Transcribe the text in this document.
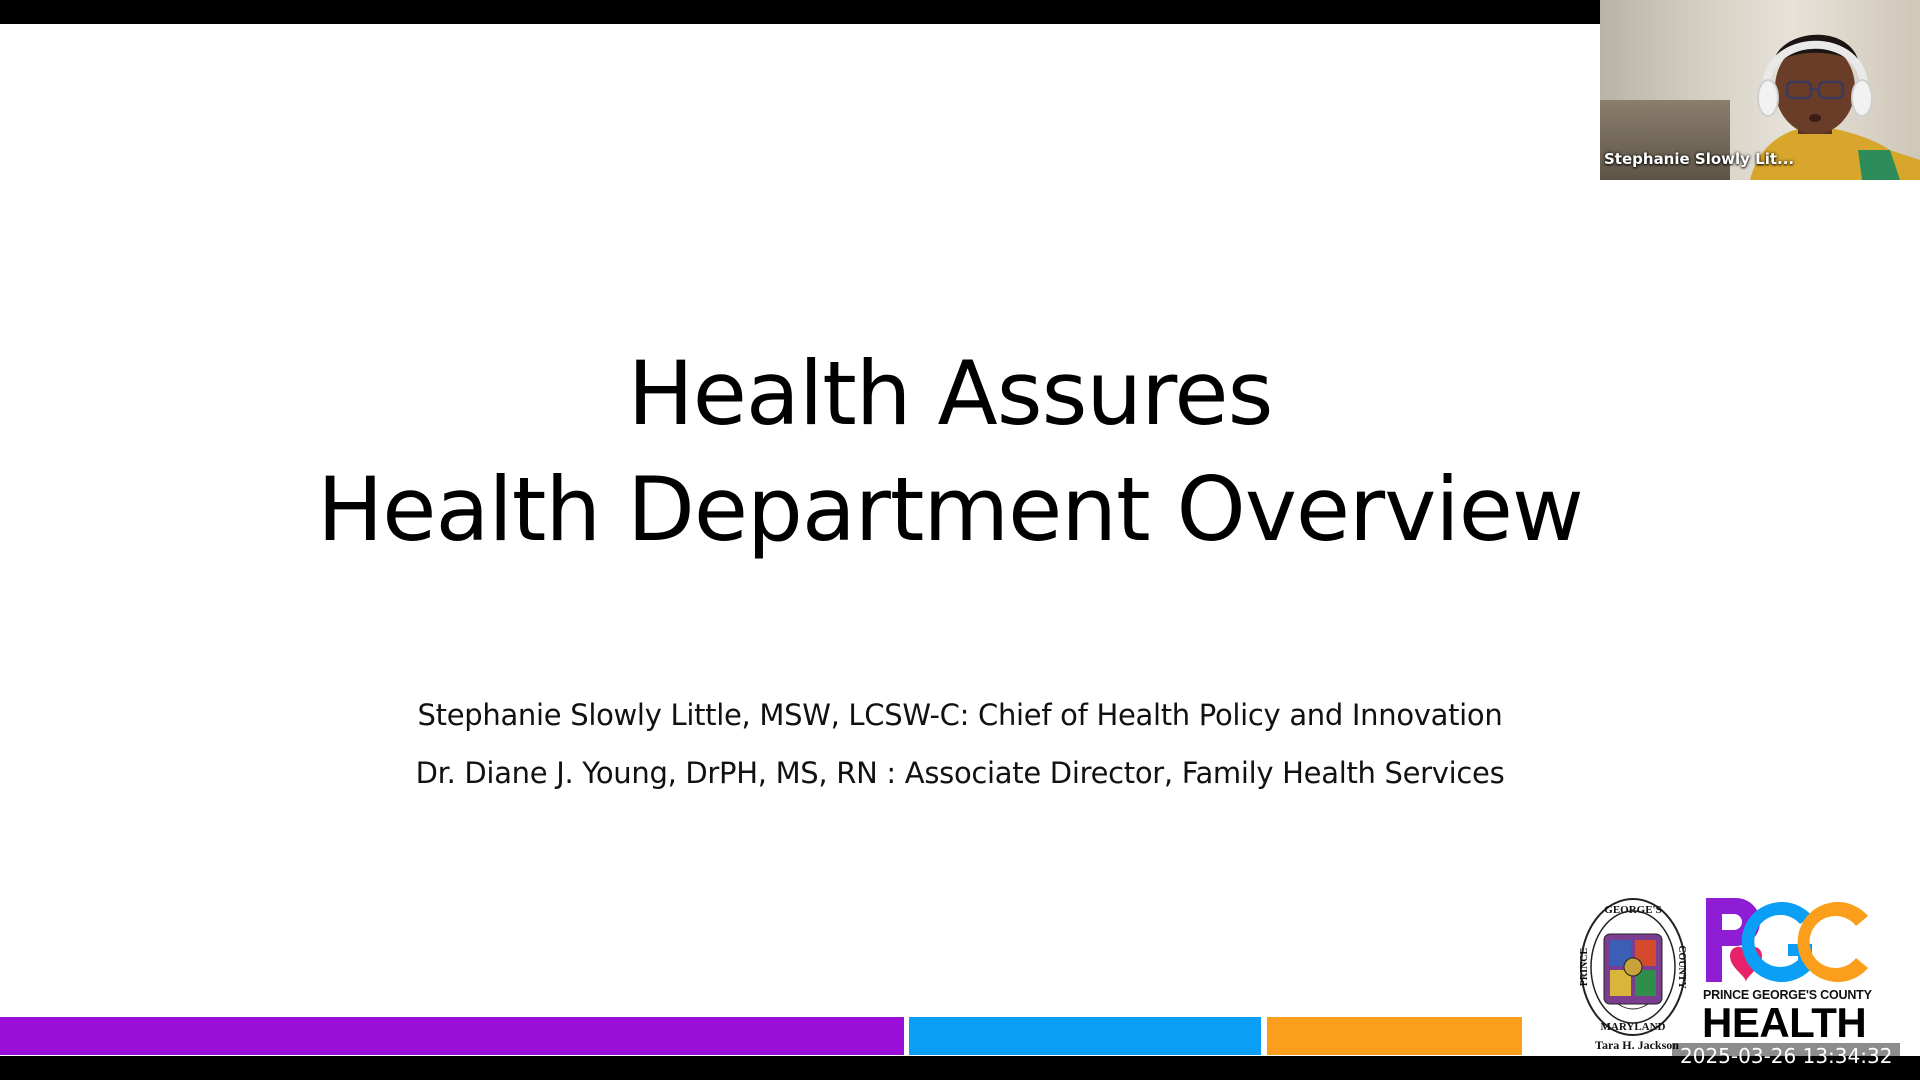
Health Assures
Health Department Overview
Stephanie Slowly Little, MSW, LCSW-C: Chief of Health Policy and Innovation
Dr. Diane J. Young, DrPH, MS, RN : Associate Director, Family Health Services
GEORGE'S
MARYLAND
PRINCE	COUNTY
Tara H. Jackson
PRINCE GEORGE'S COUNTY
HEALTH
2025-03-26 13:34:32
Stephanie Slowly Lit...
